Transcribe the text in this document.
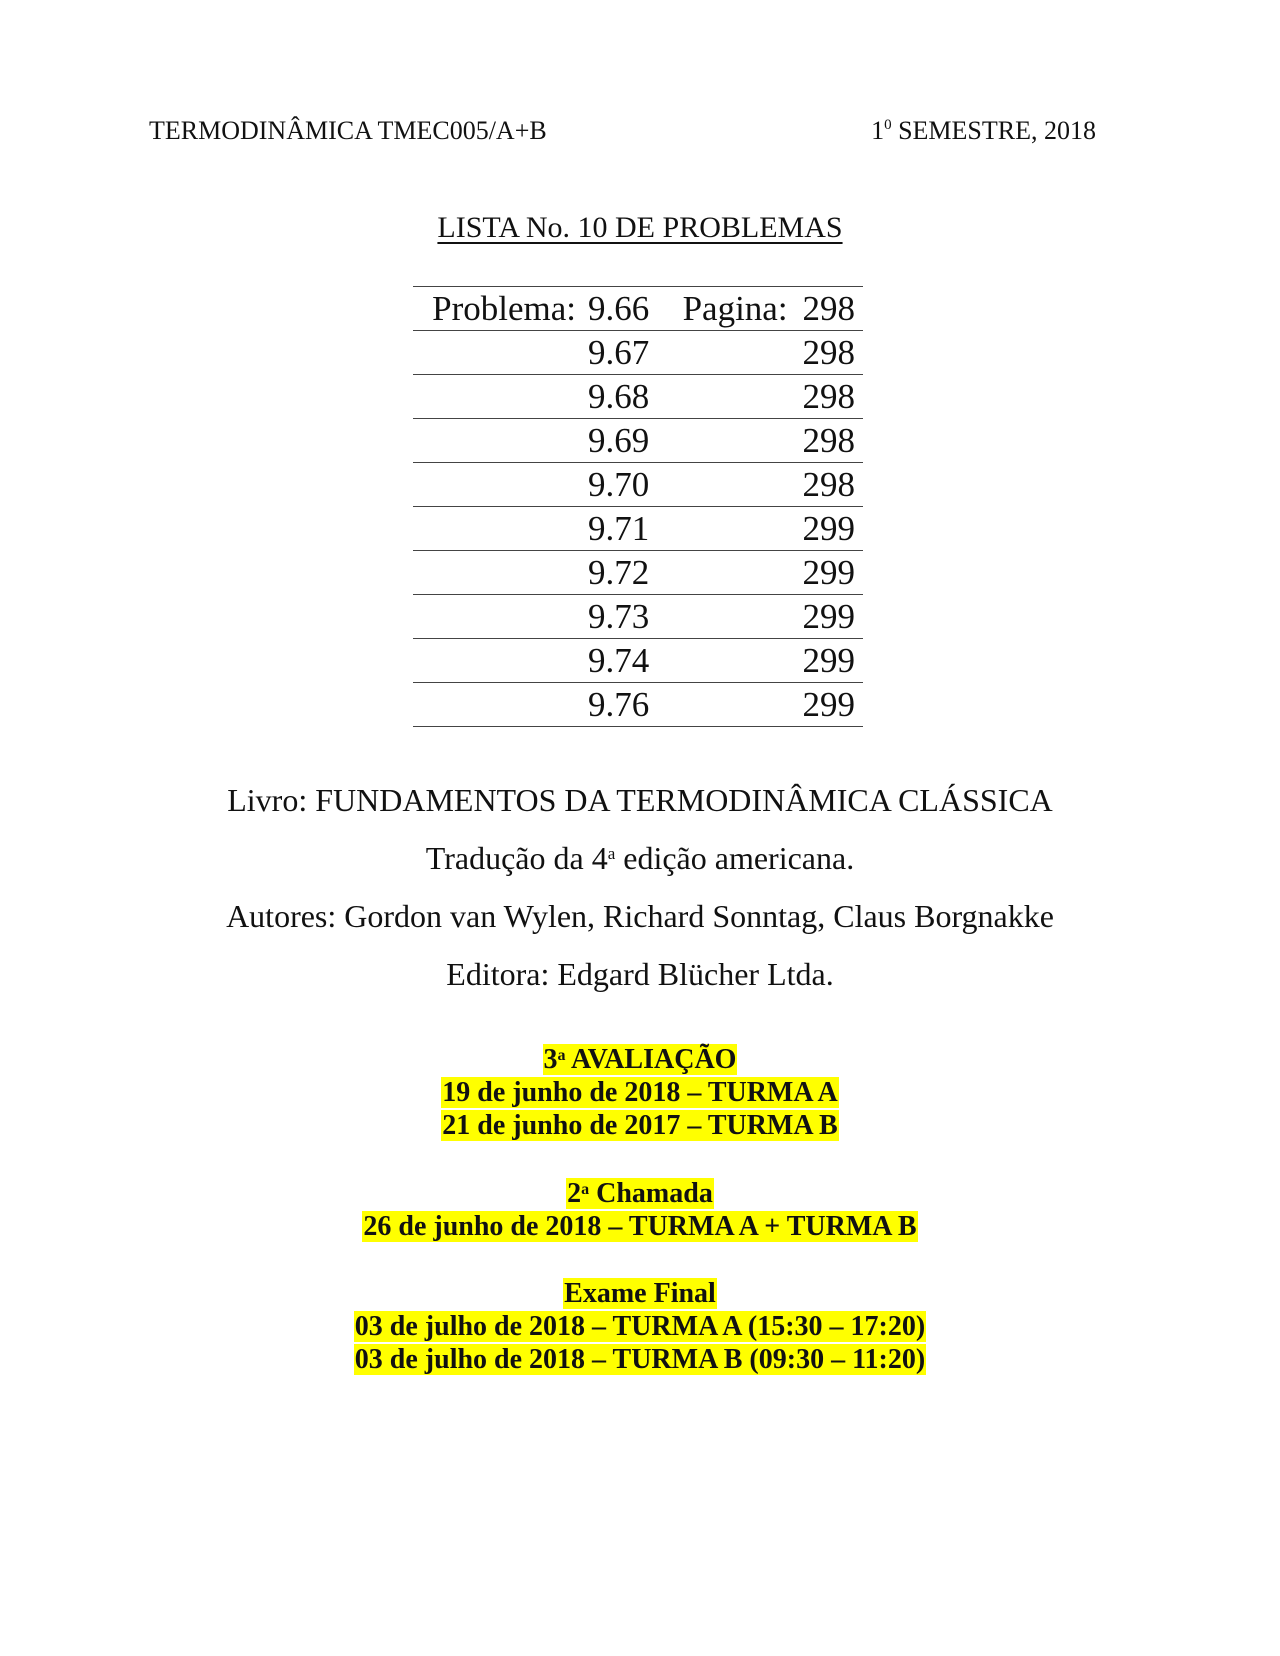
TERMODINÂMICA TMEC005/A+B	$1^0$ SEMESTRE, 2018
LISTA No. 10 DE PROBLEMAS
Problema:	9.66	Pagina:	298
	9.67		298
	9.68		298
	9.69		298
	9.70		298
	9.71		299
	9.72		299
	9.73		299
	9.74		299
	9.76		299
Livro: FUNDAMENTOS DA TERMODINÂMICA CLÁSSICA
Tradução da 4$^a$ edição americana.
Autores: Gordon van Wylen, Richard Sonntag, Claus Borgnakke
Editora: Edgard Blücher Ltda.
3$^a$ AVALIAÇÃO
19 de junho de 2018 – TURMA A
21 de junho de 2017 – TURMA B
2$^a$ Chamada
26 de junho de 2018 – TURMA A + TURMA B
Exame Final
03 de julho de 2018 – TURMA A (15:30 – 17:20)
03 de julho de 2018 – TURMA B (09:30 – 11:20)
